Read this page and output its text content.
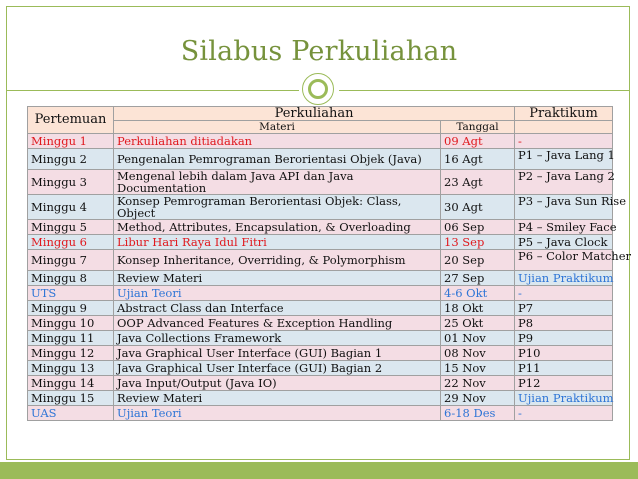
Silabus Perkuliahan
Pertemuan	Perkuliahan		Praktikum
	Materi	Tanggal	
Minggu 1	Perkuliahan ditiadakan	09 Agt	-
Minggu 2	Pengenalan Pemrograman Berorientasi Objek (Java)	16 Agt	P1 – Java Lang 1
Minggu 3	Mengenal lebih dalam Java API dan Java Documentation	23 Agt	P2 – Java Lang 2
Minggu 4	Konsep Pemrograman Berorientasi Objek: Class, Object	30 Agt	P3 – Java Sun Rise
Minggu 5	Method, Attributes, Encapsulation, & Overloading	06 Sep	P4 – Smiley Face
Minggu 6	Libur Hari Raya Idul Fitri	13 Sep	P5 – Java Clock
Minggu 7	Konsep Inheritance, Overriding, & Polymorphism	20 Sep	P6 – Color Matcher
Minggu 8	Review Materi	27 Sep	Ujian Praktikum
UTS	Ujian Teori	4-6 Okt	-
Minggu 9	Abstract Class dan Interface	18 Okt	P7
Minggu 10	OOP Advanced Features & Exception Handling	25 Okt	P8
Minggu 11	Java Collections Framework	01 Nov	P9
Minggu 12	Java Graphical User Interface (GUI) Bagian 1	08 Nov	P10
Minggu 13	Java Graphical User Interface (GUI) Bagian 2	15 Nov	P11
Minggu 14	Java Input/Output (Java IO)	22 Nov	P12
Minggu 15	Review Materi	29 Nov	Ujian Praktikum
UAS	Ujian Teori	6-18 Des	-
